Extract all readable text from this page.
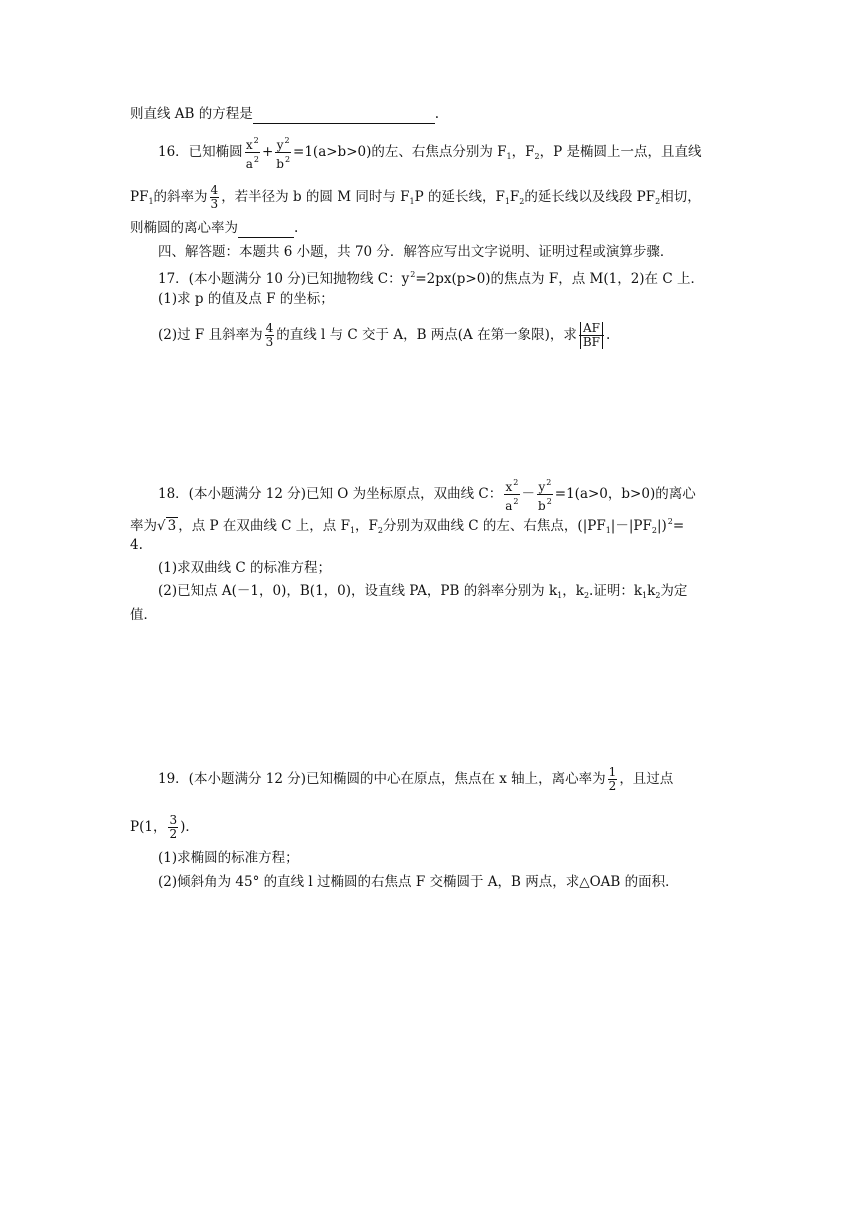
则直线 AB 的方程是	.
16．已知椭圆 $\frac{x^2}{a^2} + \frac{y^2}{b^2} =1(a>b>0)$的左、右焦点分别为 $F_1$，$F_2$，P 是椭圆上一点，且直线
$PF_1$的斜率为 $\frac{4}{3}$ ，若半径为 b 的圆 M 同时与 $F_1P$ 的延长线，$F_1F_2$的延长线以及线段 $PF_2$相切，
则椭圆的离心率为	.
四、解答题：本题共 6 小题，共 70 分．解答应写出文字说明、证明过程或演算步骤．
17．(本小题满分 10 分)已知抛物线 C：$y^2=2px(p>0)$的焦点为 F，点 M(1，2)在 C 上．
(1)求 p 的值及点 F 的坐标；
(2)过 F 且斜率为 $\frac{4}{3}$ 的直线 l 与 C 交于 A，B 两点(A 在第一象限)，求 $\frac{AF}{BF}$ .
18．(本小题满分 12 分)已知 O 为坐标原点，双曲线 C： $\frac{x^2}{a^2} - \frac{y^2}{b^2} =1(a>0$，b>0)的离心
率为√ 3 ，点 P 在双曲线 C 上，点 $F_1$，$F_2$分别为双曲线 C 的左、右焦点，$(|PF_1|-|PF_2|)^2=$
4.
(1)求双曲线 C 的标准方程；
(2)已知点 A(－1，0)，B(1，0)，设直线 PA，PB 的斜率分别为 $k_1$，$k_2$.证明：$k_1k_2$为定
值．
19．(本小题满分 12 分)已知椭圆的中心在原点，焦点在 x 轴上，离心率为 $\frac{1}{2}$ ，且过点
P(1， $\frac{3}{2}$ )．
(1)求椭圆的标准方程；
(2)倾斜角为 45° 的直线 l 过椭圆的右焦点 F 交椭圆于 A，B 两点，求△OAB 的面积．
